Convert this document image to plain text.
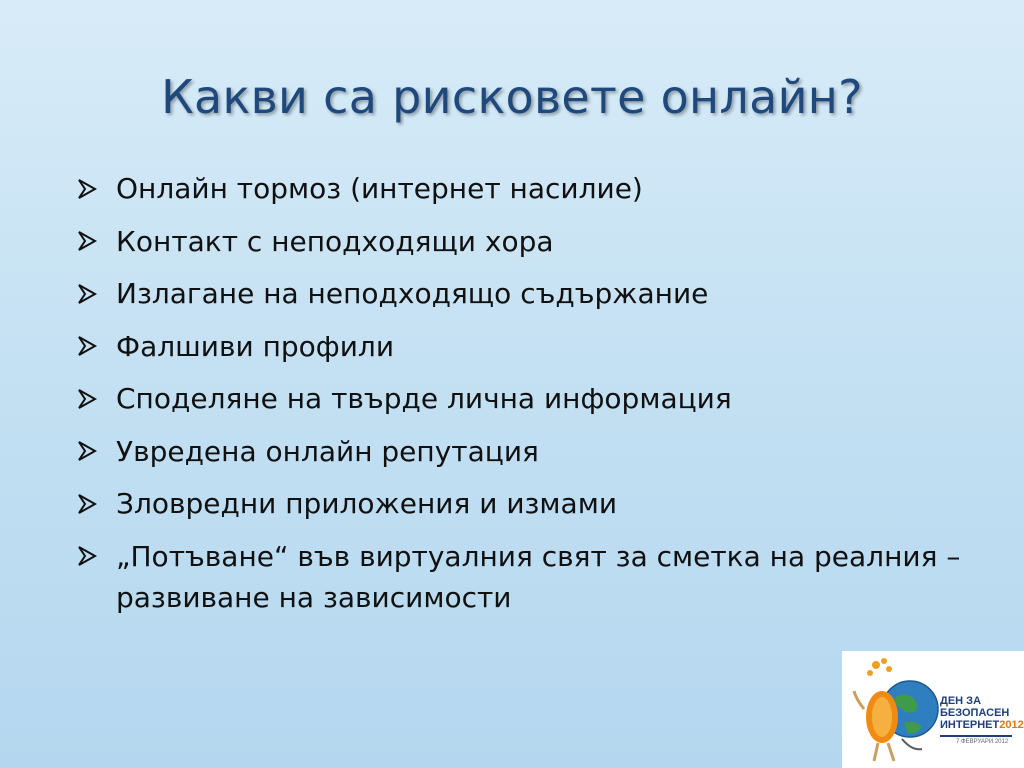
Какви са рисковете онлайн?
Онлайн тормоз (интернет насилие)
Контакт с неподходящи хора
Излагане на неподходящо съдържание
Фалшиви профили
Споделяне на твърде лична информация
Увредена онлайн репутация
Зловредни приложения и измами
„Потъване“ във виртуалния свят за сметка на реалния – развиване на зависимости
ДЕН ЗА
БЕЗОПАСЕН
ИНТЕРНЕТ2012
7 ФЕВРУАРИ 2012
